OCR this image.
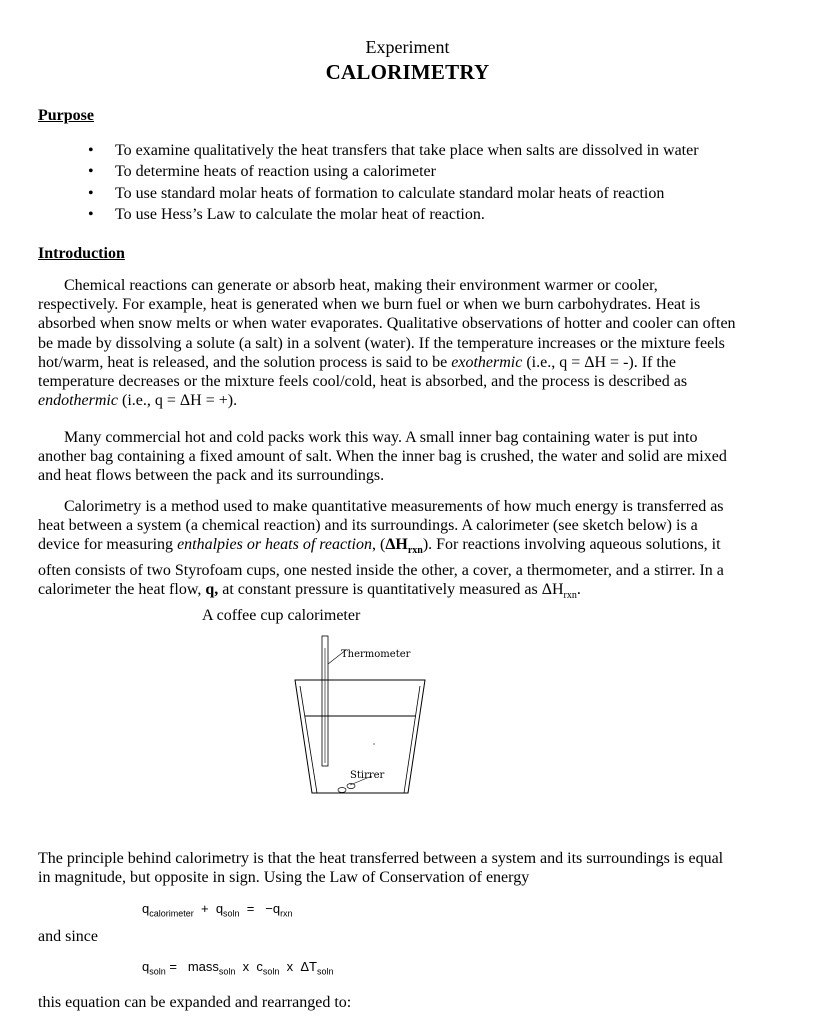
Experiment
CALORIMETRY
Purpose
• To examine qualitatively the heat transfers that take place when salts are dissolved in water
• To determine heats of reaction using a calorimeter
• To use standard molar heats of formation to calculate standard molar heats of reaction
• To use Hess’s Law to calculate the molar heat of reaction.
Introduction

Chemical reactions can generate or absorb heat, making their environment warmer or cooler,
respectively. For example, heat is generated when we burn fuel or when we burn carbohydrates. Heat is
absorbed when snow melts or when water evaporates. Qualitative observations of hotter and cooler can often
be made by dissolving a solute (a salt) in a solvent (water). If the temperature increases or the mixture feels
hot/warm, heat is released, and the solution process is said to be exothermic (i.e., q = ΔH = -). If the
temperature decreases or the mixture feels cool/cold, heat is absorbed, and the process is described as
endothermic (i.e., q = ΔH = +).

Many commercial hot and cold packs work this way. A small inner bag containing water is put into
another bag containing a fixed amount of salt. When the inner bag is crushed, the water and solid are mixed
and heat flows between the pack and its surroundings.

Calorimetry is a method used to make quantitative measurements of how much energy is transferred as
heat between a system (a chemical reaction) and its surroundings. A calorimeter (see sketch below) is a
device for measuring enthalpies or heats of reaction, $(\Delta H_{rxn})$. For reactions involving aqueous solutions, it
often consists of two Styrofoam cups, one nested inside the other, a cover, a thermometer, and a stirrer. In a
calorimeter the heat flow, q, at constant pressure is quantitatively measured as $\Delta H_{rxn}$.

A coffee cup calorimeter
Thermometer
Stirrer

The principle behind calorimetry is that the heat transferred between a system and its surroundings is equal
in magnitude, but opposite in sign. Using the Law of Conservation of energy

$q_{calorimeter} + q_{soln} = -q_{rxn}$
and since
$q_{soln}$ = mass$_{soln}$ x $c_{soln}$ x $\Delta T_{soln}$
this equation can be expanded and rearranged to:
